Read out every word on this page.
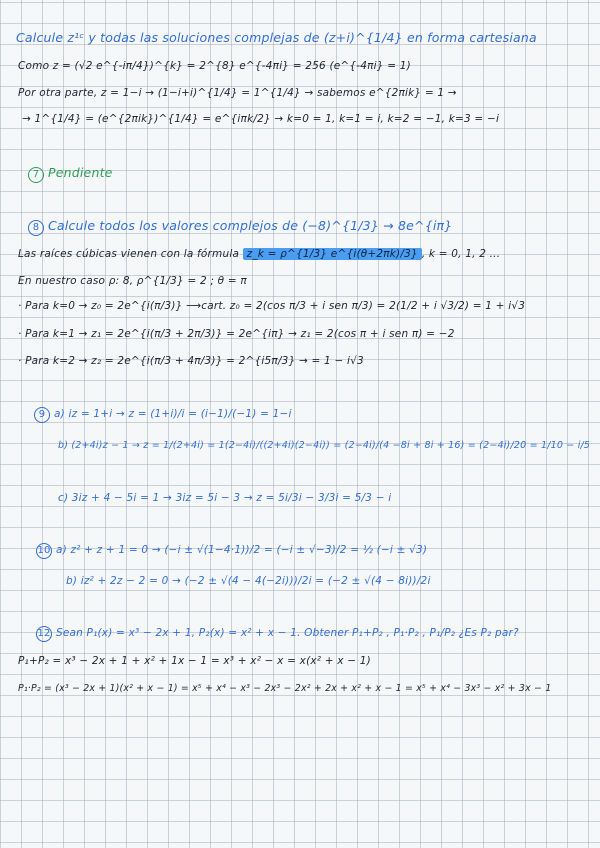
Calcule z¹ᶜ y todas las soluciones complejas de (z+i)^{1/4} en forma cartesiana
Como z = (√2 e^{-iπ/4})^{k} = 2^{8} e^{-4πi} = 256 (e^{-4πi} = 1)
Por otra parte, z = 1−i → (1−i+i)^{1/4} = 1^{1/4} → sabemos e^{2πik} = 1 →
→ 1^{1/4} = (e^{2πik})^{1/4} = e^{iπk/2} → k=0 = 1, k=1 = i, k=2 = −1, k=3 = −i
7 Pendiente
8 Calcule todos los valores complejos de (−8)^{1/3} → 8e^{iπ}
Las raíces cúbicas vienen con la fórmula z_k = ρ^{1/3} e^{i(θ+2πk)/3} , k = 0, 1, 2 ...
En nuestro caso ρ: 8, ρ^{1/3} = 2 ; θ = π
· Para k=0 → z₀ = 2e^{i(π/3)} ⟶cart. z₀ = 2(cos π/3 + i sen π/3) = 2(1/2 + i √3/2) = 1 + i√3
· Para k=1 → z₁ = 2e^{i(π/3 + 2π/3)} = 2e^{iπ} → z₁ = 2(cos π + i sen π) = −2
· Para k=2 → z₂ = 2e^{i(π/3 + 4π/3)} = 2^{i5π/3} → = 1 − i√3
9 a) iz = 1+i → z = (1+i)/i = (i−1)/(−1) = 1−i
b) (2+4i)z − 1 → z = 1/(2+4i) = 1(2−4i)/((2+4i)(2−4i)) = (2−4i)/(4 −8i + 8i + 16) = (2−4i)/20 = 1/10 − i/5
c) 3iz + 4 − 5i = 1 → 3iz = 5i − 3 → z = 5i/3i − 3/3i = 5/3 − i
10 a) z² + z + 1 = 0 → (−i ± √(1−4·1))/2 = (−i ± √−3)/2 = ½ (−i ± √3)
b) iz² + 2z − 2 = 0 → (−2 ± √(4 − 4(−2i)))/2i = (−2 ± √(4 − 8i))/2i
12 Sean P₁(x) = x³ − 2x + 1, P₂(x) = x² + x − 1. Obtener P₁+P₂ , P₁·P₂ , P₁/P₂ ¿Es P₂ par?
P₁+P₂ = x³ − 2x + 1 + x² + 1x − 1 = x³ + x² − x = x(x² + x − 1)
P₁·P₂ = (x³ − 2x + 1)(x² + x − 1) = x⁵ + x⁴ − x³ − 2x³ − 2x² + 2x + x² + x − 1 = x⁵ + x⁴ − 3x³ − x² + 3x − 1
